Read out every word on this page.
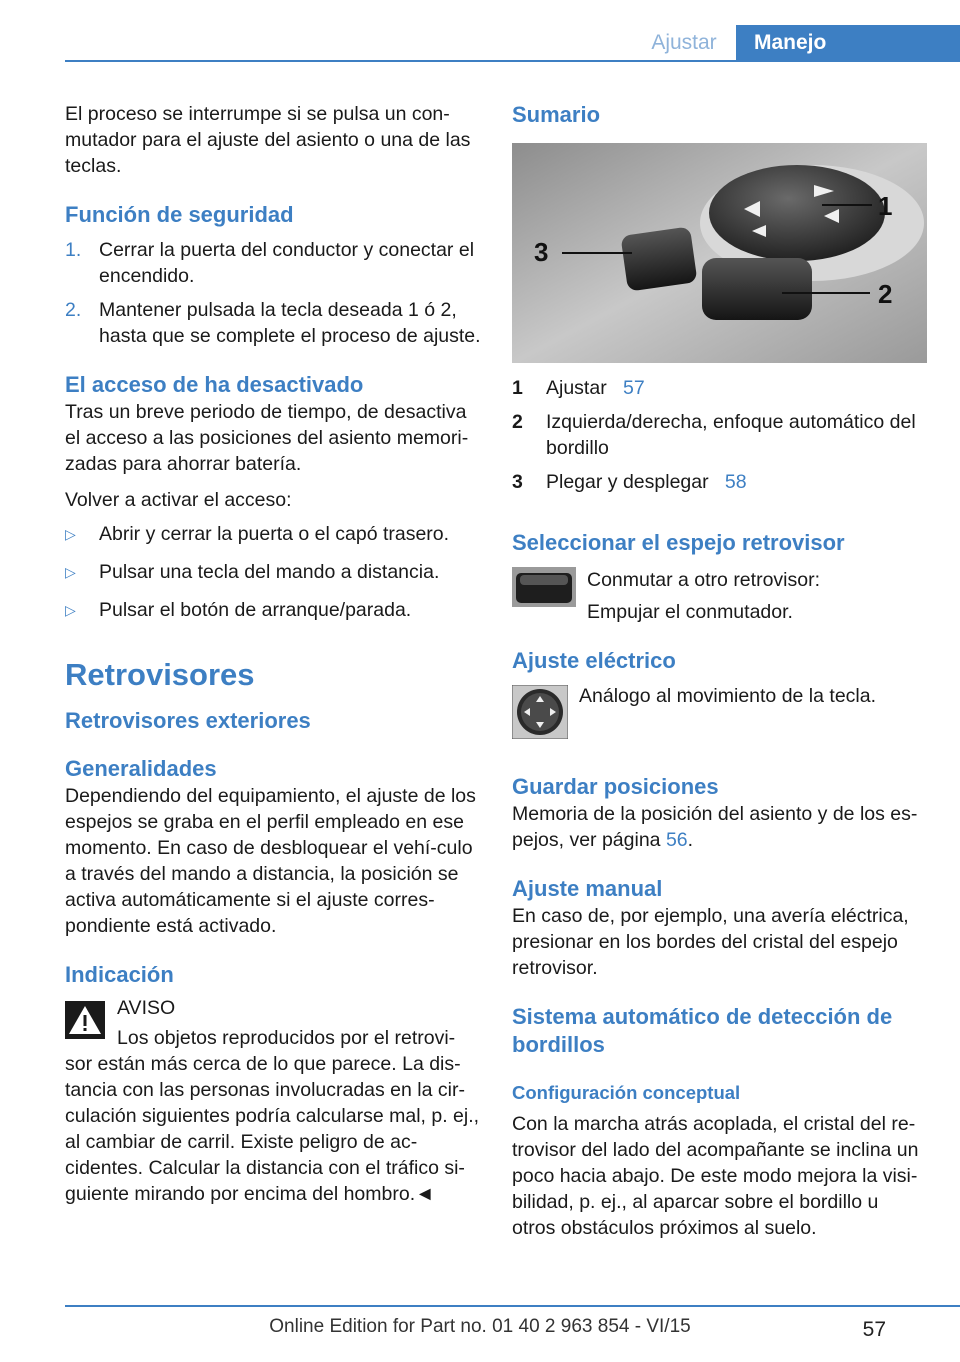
Ajustar	Manejo

El proceso se interrumpe si se pulsa un con-mutador para el ajuste del asiento o una de las teclas.

Función de seguridad

1. Cerrar la puerta del conductor y conectar el encendido.
2. Mantener pulsada la tecla deseada 1 ó 2, hasta que se complete el proceso de ajuste.

El acceso de ha desactivado

Tras un breve periodo de tiempo, de desactiva el acceso a las posiciones del asiento memori-zadas para ahorrar batería.

Volver a activar el acceso:

▷ Abrir y cerrar la puerta o el capó trasero.
▷ Pulsar una tecla del mando a distancia.
▷ Pulsar el botón de arranque/parada.

Retrovisores

Retrovisores exteriores

Generalidades

Dependiendo del equipamiento, el ajuste de los espejos se graba en el perfil empleado en ese momento. En caso de desbloquear el vehí-culo a través del mando a distancia, la posición se activa automáticamente si el ajuste corres-pondiente está activado.

Indicación

AVISO

Los objetos reproducidos por el retrovi-

sor están más cerca de lo que parece. La dis-tancia con las personas involucradas en la cir-culación siguientes podría calcularse mal, p. ej., al cambiar de carril. Existe peligro de ac-cidentes. Calcular la distancia con el tráfico si-guiente mirando por encima del hombro.◄

Sumario

1
2
3
1 Ajustar 57
2 Izquierda/derecha, enfoque automático del bordillo
3 Plegar y desplegar 58

Seleccionar el espejo retrovisor

Conmutar a otro retrovisor:

Empujar el conmutador.

Ajuste eléctrico

Análogo al movimiento de la tecla.

Guardar posiciones

Memoria de la posición del asiento y de los es-pejos, ver página 56.

Ajuste manual

En caso de, por ejemplo, una avería eléctrica, presionar en los bordes del cristal del espejo retrovisor.

Sistema automático de detección de bordillos

Configuración conceptual

Con la marcha atrás acoplada, el cristal del re-trovisor del lado del acompañante se inclina un poco hacia abajo. De este modo mejora la visi-bilidad, p. ej., al aparcar sobre el bordillo u otros obstáculos próximos al suelo.

Online Edition for Part no. 01 40 2 963 854 - VI/15	57
